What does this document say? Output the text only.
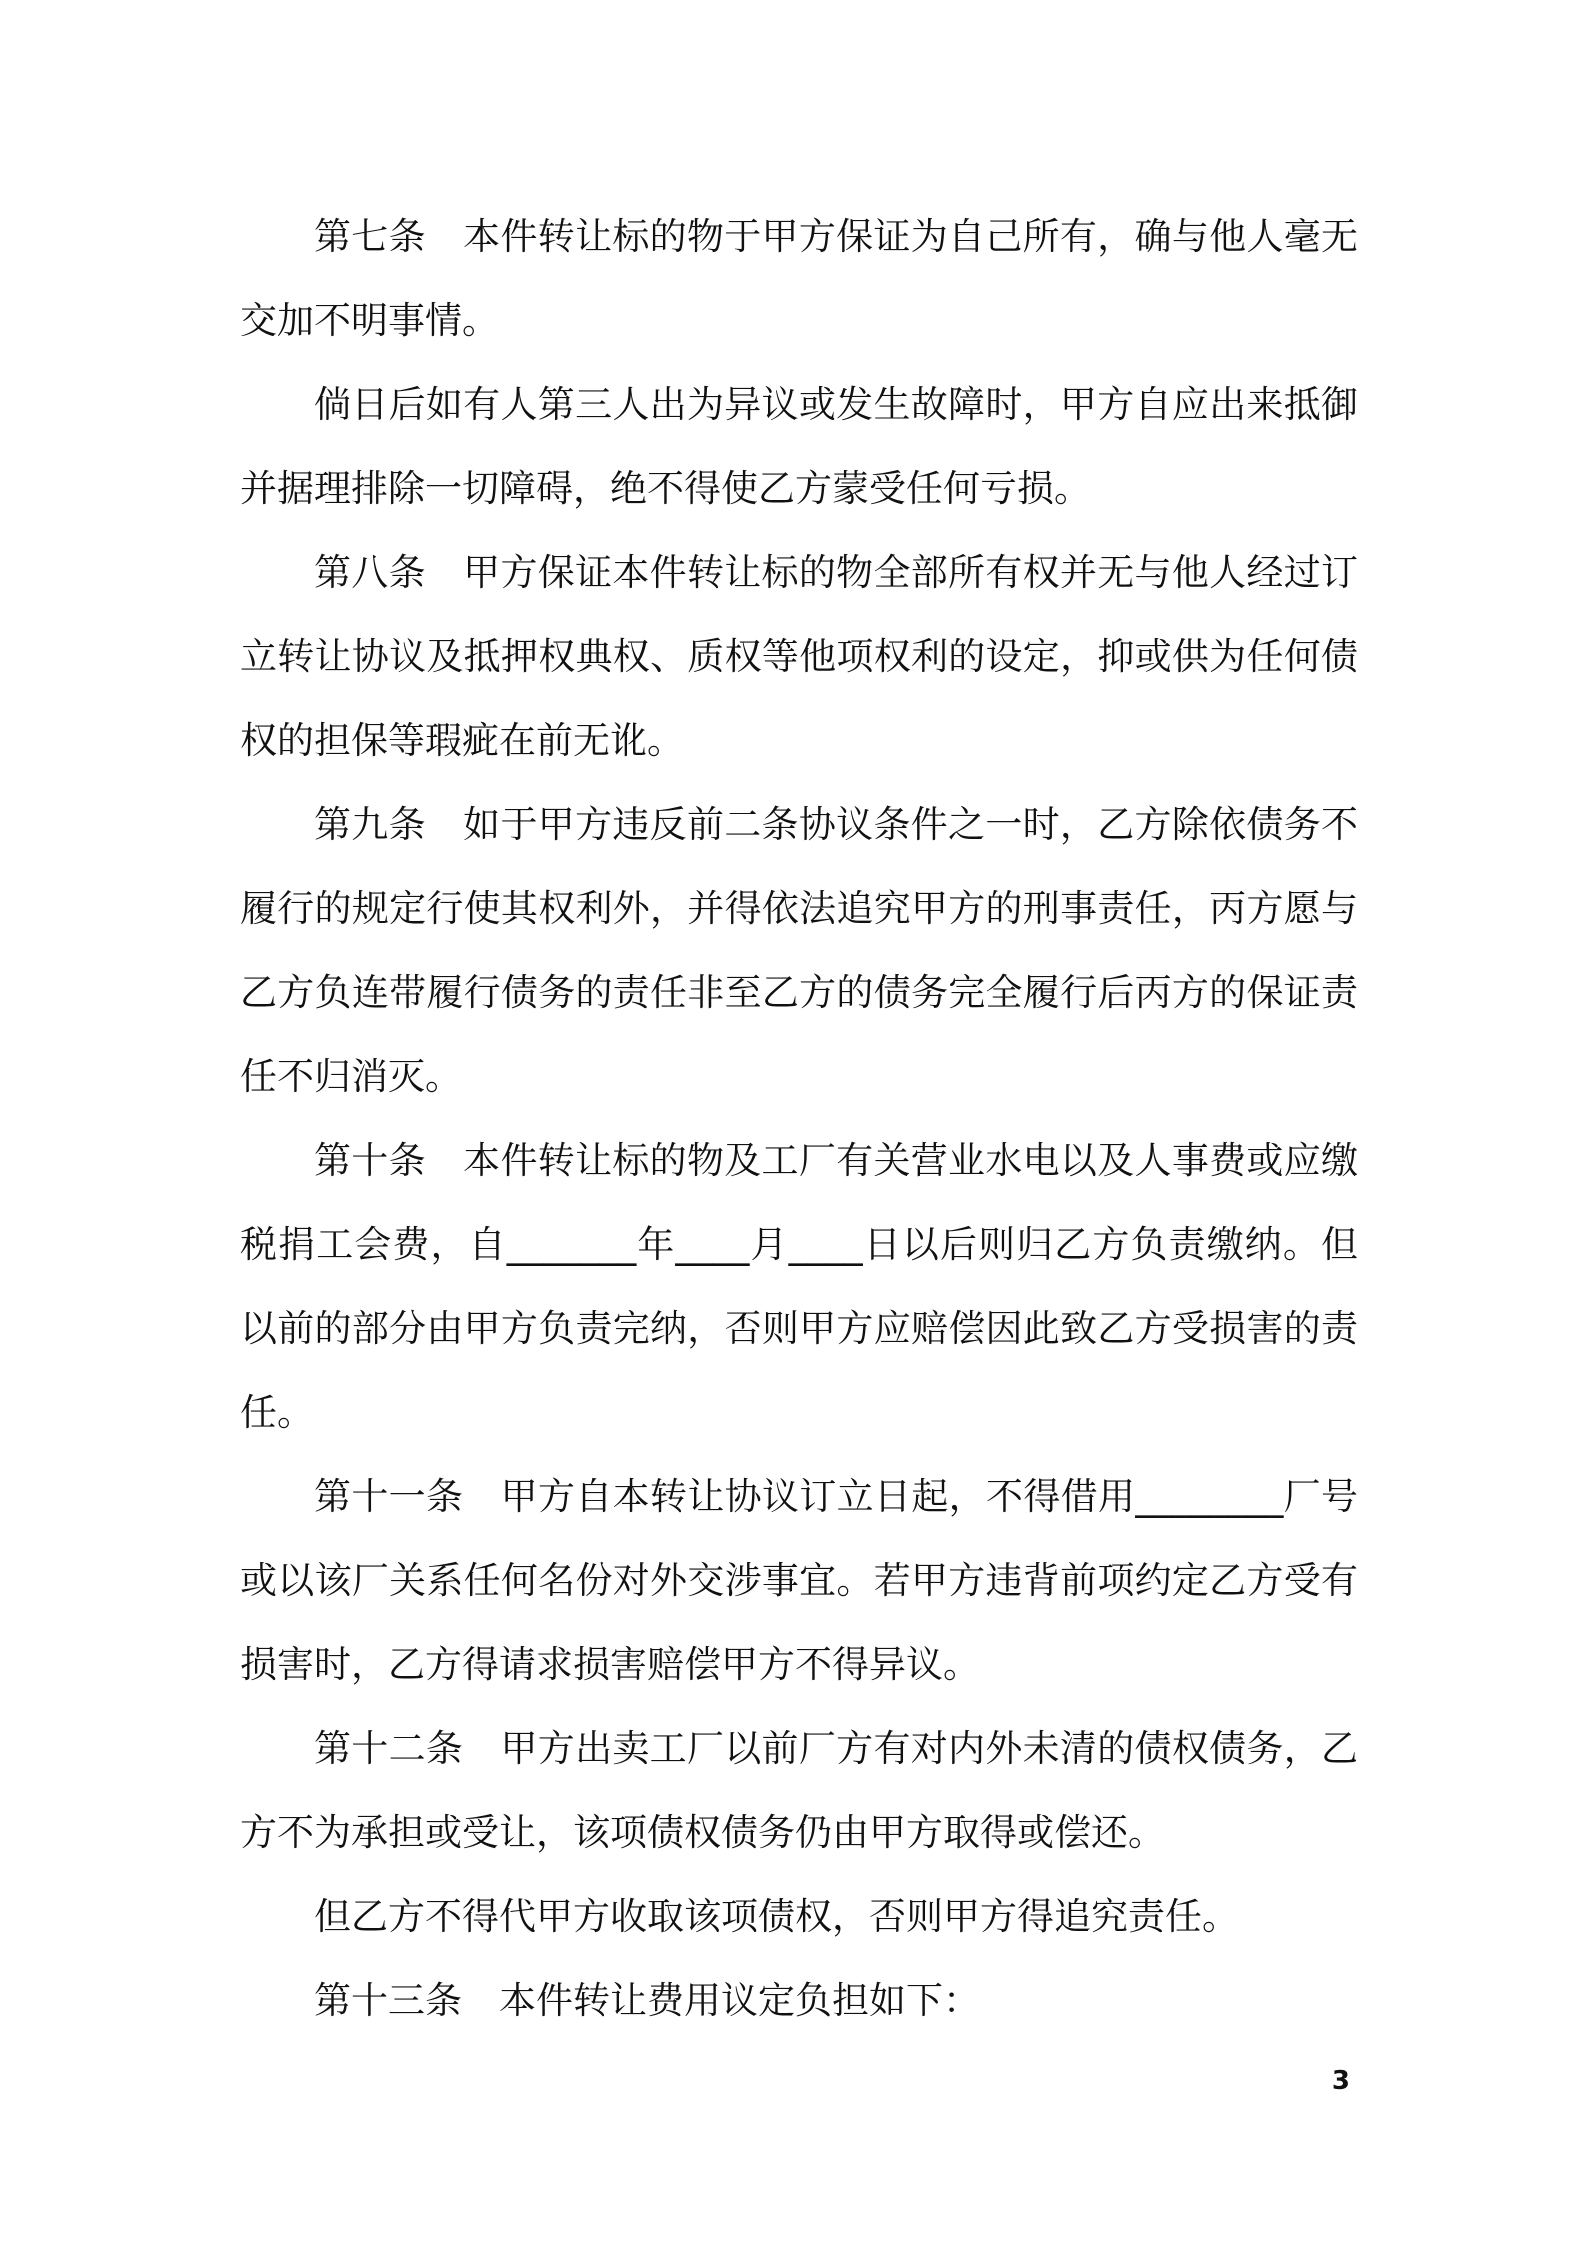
第七条　本件转让标的物于甲方保证为自己所有，确与他人毫无交加不明事情。

倘日后如有人第三人出为异议或发生故障时，甲方自应出来抵御并据理排除一切障碍，绝不得使乙方蒙受任何亏损。

第八条　甲方保证本件转让标的物全部所有权并无与他人经过订立转让协议及抵押权典权、质权等他项权利的设定，抑或供为任何债权的担保等瑕疵在前无讹。

第九条　如于甲方违反前二条协议条件之一时，乙方除依债务不履行的规定行使其权利外，并得依法追究甲方的刑事责任，丙方愿与乙方负连带履行债务的责任非至乙方的债务完全履行后丙方的保证责任不归消灭。

第十条　本件转让标的物及工厂有关营业水电以及人事费或应缴税捐工会费，自_______年____月____日以后则归乙方负责缴纳。但以前的部分由甲方负责完纳，否则甲方应赔偿因此致乙方受损害的责任。

第十一条　甲方自本转让协议订立日起，不得借用________厂号或以该厂关系任何名份对外交涉事宜。若甲方违背前项约定乙方受有损害时，乙方得请求损害赔偿甲方不得异议。

第十二条　甲方出卖工厂以前厂方有对内外未清的债权债务，乙方不为承担或受让，该项债权债务仍由甲方取得或偿还。

但乙方不得代甲方收取该项债权，否则甲方得追究责任。

第十三条　本件转让费用议定负担如下：

3
